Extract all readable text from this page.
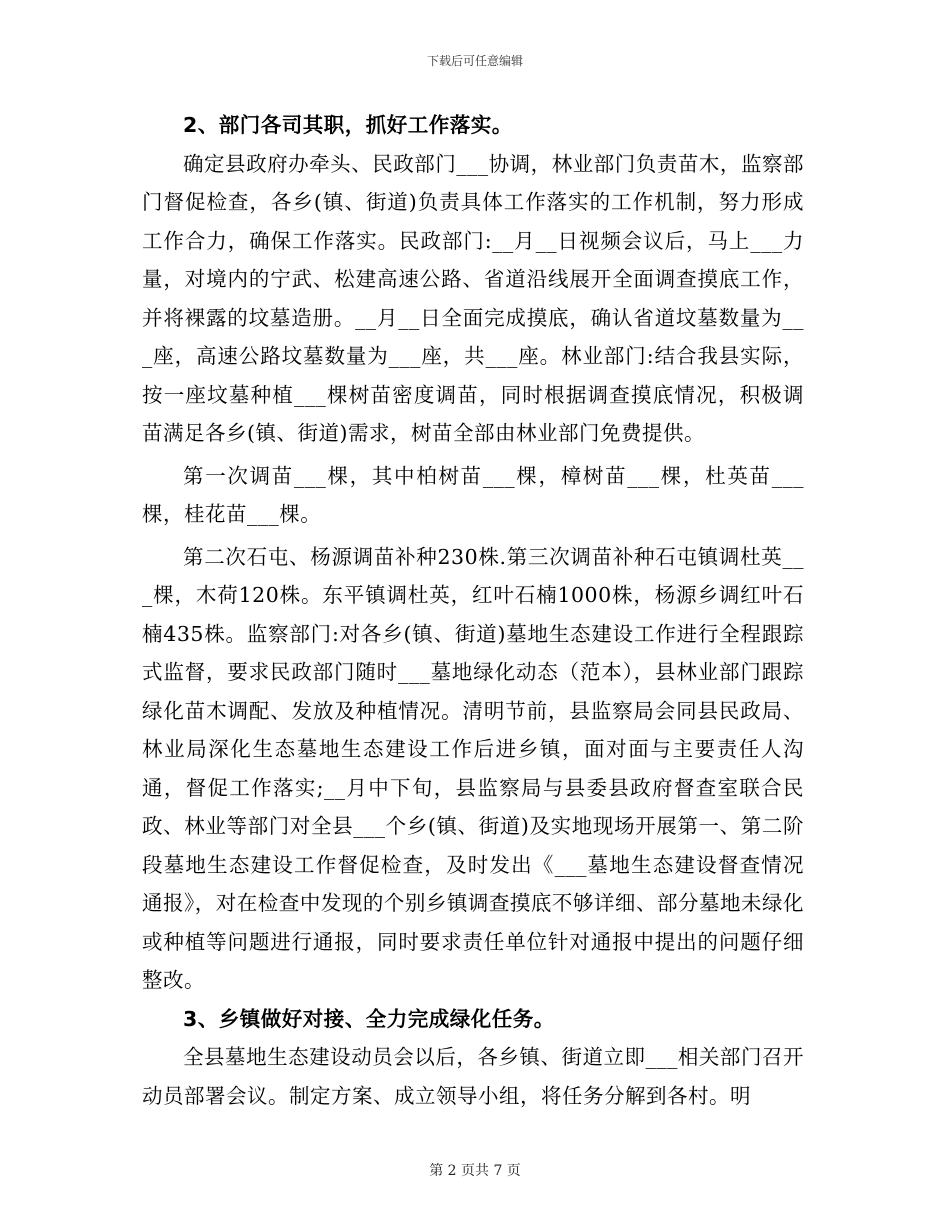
下载后可任意编辑

2、部门各司其职，抓好工作落实。

确定县政府办牵头、民政部门___协调，林业部门负责苗木，监察部门督促检查，各乡(镇、街道)负责具体工作落实的工作机制，努力形成工作合力，确保工作落实。民政部门:__月__日视频会议后，马上___力量，对境内的宁武、松建高速公路、省道沿线展开全面调查摸底工作，并将裸露的坟墓造册。__月__日全面完成摸底，确认省道坟墓数量为___座，高速公路坟墓数量为___座，共___座。林业部门:结合我县实际，按一座坟墓种植___棵树苗密度调苗，同时根据调查摸底情况，积极调苗满足各乡(镇、街道)需求，树苗全部由林业部门免费提供。

第一次调苗___棵，其中柏树苗___棵，樟树苗___棵，杜英苗___棵，桂花苗___棵。

第二次石屯、杨源调苗补种230株.第三次调苗补种石屯镇调杜英___棵，木荷120株。东平镇调杜英，红叶石楠1000株，杨源乡调红叶石楠435株。监察部门:对各乡(镇、街道)墓地生态建设工作进行全程跟踪式监督，要求民政部门随时___墓地绿化动态（范本），县林业部门跟踪绿化苗木调配、发放及种植情况。清明节前，县监察局会同县民政局、林业局深化生态墓地生态建设工作后进乡镇，面对面与主要责任人沟通，督促工作落实;__月中下旬，县监察局与县委县政府督查室联合民政、林业等部门对全县___个乡(镇、街道)及实地现场开展第一、第二阶段墓地生态建设工作督促检查，及时发出《___墓地生态建设督查情况通报》，对在检查中发现的个别乡镇调查摸底不够详细、部分墓地未绿化或种植等问题进行通报，同时要求责任单位针对通报中提出的问题仔细整改。

3、乡镇做好对接、全力完成绿化任务。

全县墓地生态建设动员会以后，各乡镇、街道立即___相关部门召开动员部署会议。制定方案、成立领导小组，将任务分解到各村。明

第 2 页共 7 页
